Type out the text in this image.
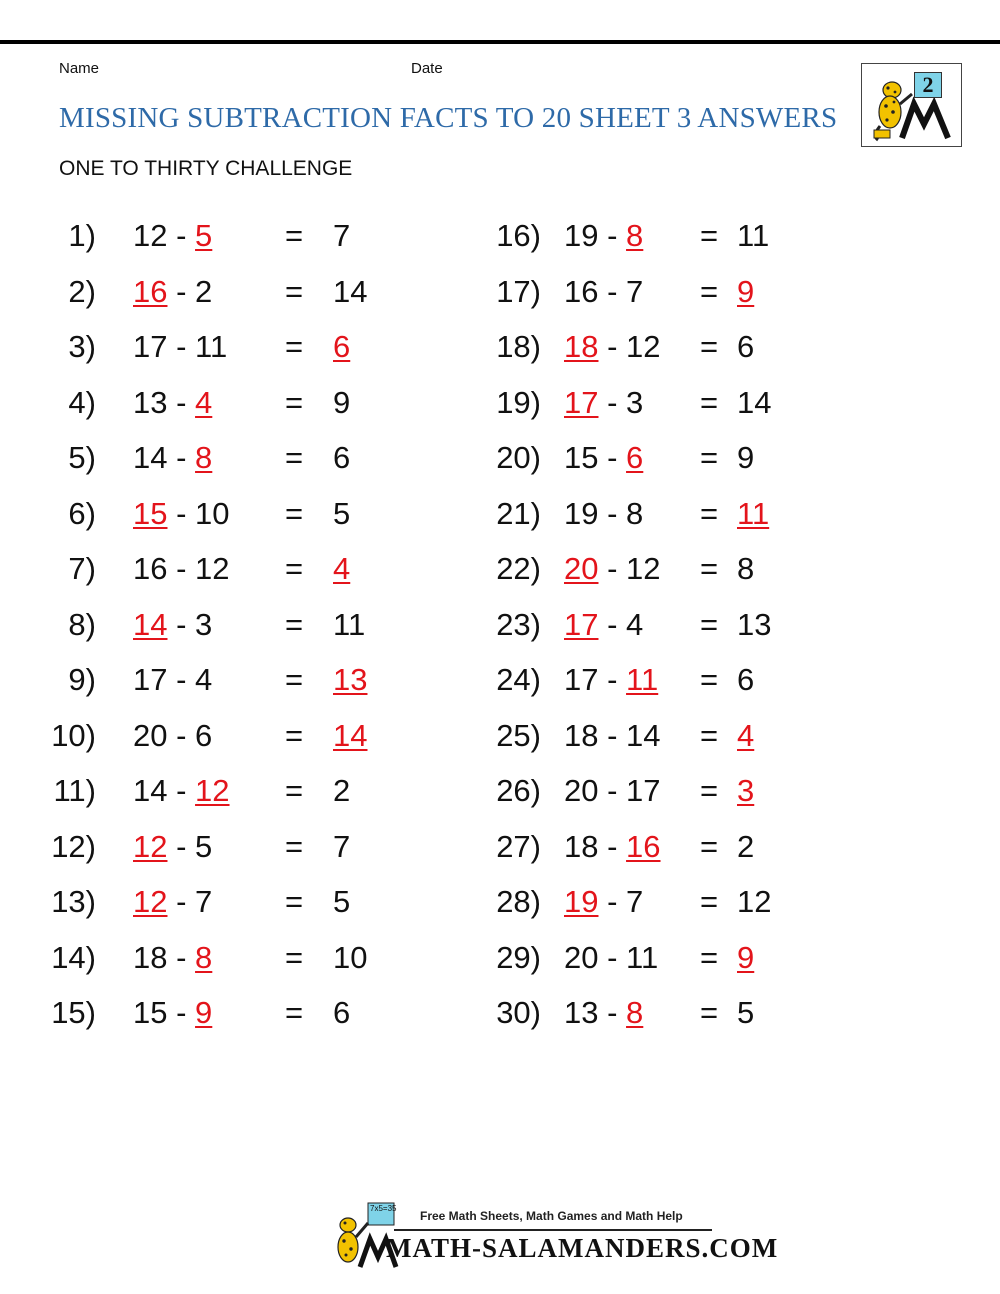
Name	Date
MISSING SUBTRACTION FACTS TO 20 SHEET 3 ANSWERS
ONE TO THIRTY CHALLENGE
2
1) 12 - 5 = 7
2) 16 - 2 = 14
3) 17 - 11 = 6
4) 13 - 4 = 9
5) 14 - 8 = 6
6) 15 - 10 = 5
7) 16 - 12 = 4
8) 14 - 3 = 11
9) 17 - 4 = 13
10) 20 - 6 = 14
11) 14 - 12 = 2
12) 12 - 5 = 7
13) 12 - 7 = 5
14) 18 - 8 = 10
15) 15 - 9 = 6
16) 19 - 8 = 11
17) 16 - 7 = 9
18) 18 - 12 = 6
19) 17 - 3 = 14
20) 15 - 6 = 9
21) 19 - 8 = 11
22) 20 - 12 = 8
23) 17 - 4 = 13
24) 17 - 11 = 6
25) 18 - 14 = 4
26) 20 - 17 = 3
27) 18 - 16 = 2
28) 19 - 7 = 12
29) 20 - 11 = 9
30) 13 - 8 = 5
7x5=35
Free Math Sheets, Math Games and Math Help
MATH-SALAMANDERS.COM
